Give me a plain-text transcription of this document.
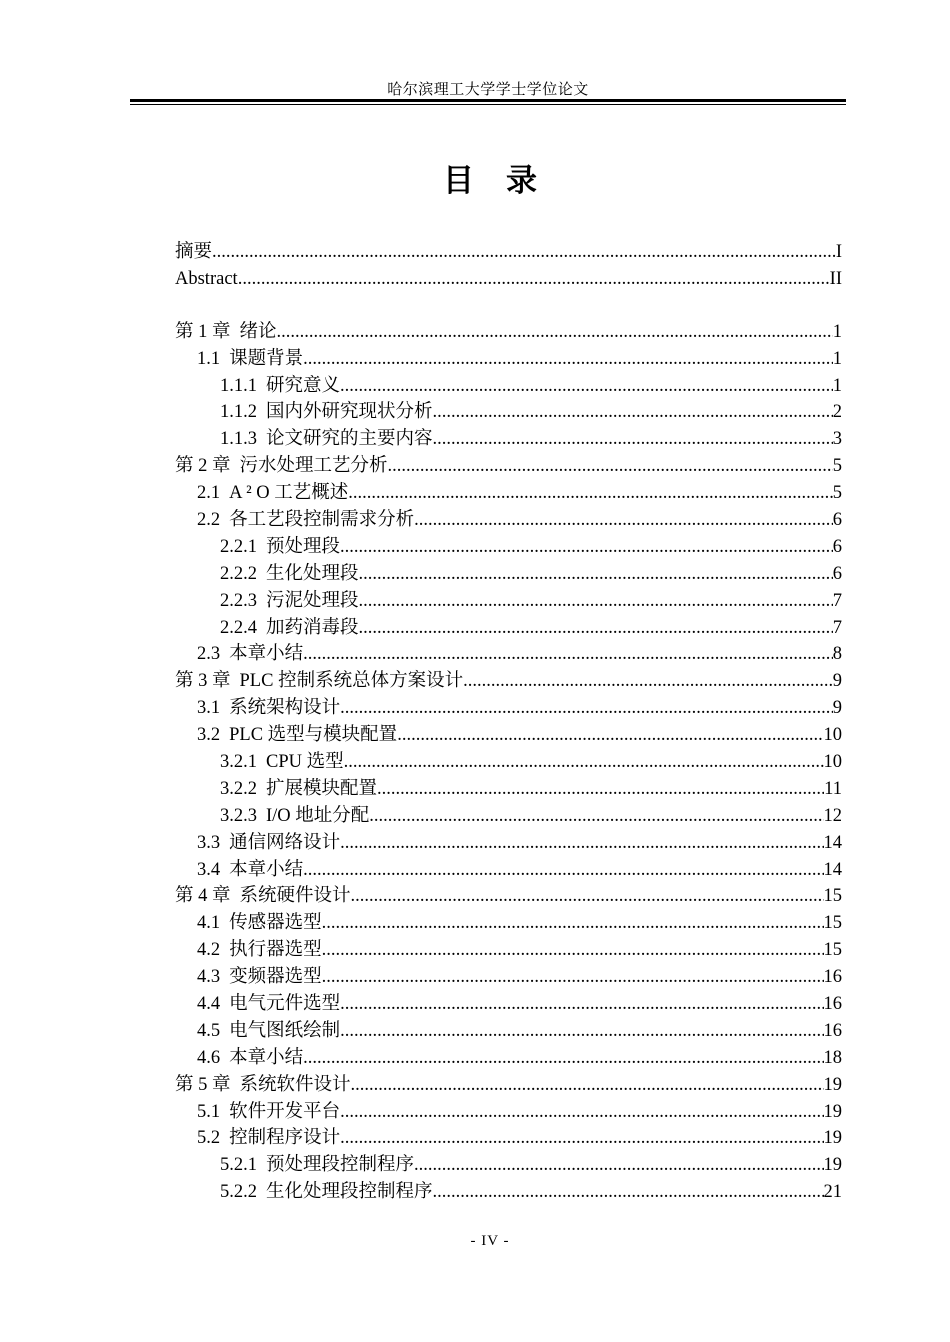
哈尔滨理工大学学士学位论文
目 录
摘要 .....	I
Abstract .....	II
第 1 章 绪论 .....	1
1.1 课题背景 .....	1
1.1.1 研究意义 .....	1
1.1.2 国内外研究现状分析 .....	2
1.1.3 论文研究的主要内容 .....	3
第 2 章 污水处理工艺分析 .....	5
2.1 A ² O 工艺概述 .....	5
2.2 各工艺段控制需求分析 .....	6
2.2.1 预处理段 .....	6
2.2.2 生化处理段 .....	6
2.2.3 污泥处理段 .....	7
2.2.4 加药消毒段 .....	7
2.3 本章小结 .....	8
第 3 章 PLC 控制系统总体方案设计 .....	9
3.1 系统架构设计 .....	9
3.2 PLC 选型与模块配置 .....	10
3.2.1 CPU 选型 .....	10
3.2.2 扩展模块配置 .....	11
3.2.3 I/O 地址分配 .....	12
3.3 通信网络设计 .....	14
3.4 本章小结 .....	14
第 4 章 系统硬件设计 .....	15
4.1 传感器选型 .....	15
4.2 执行器选型 .....	15
4.3 变频器选型 .....	16
4.4 电气元件选型 .....	16
4.5 电气图纸绘制 .....	16
4.6 本章小结 .....	18
第 5 章 系统软件设计 .....	19
5.1 软件开发平台 .....	19
5.2 控制程序设计 .....	19
5.2.1 预处理段控制程序 .....	19
5.2.2 生化处理段控制程序 .....	21
- IV -
